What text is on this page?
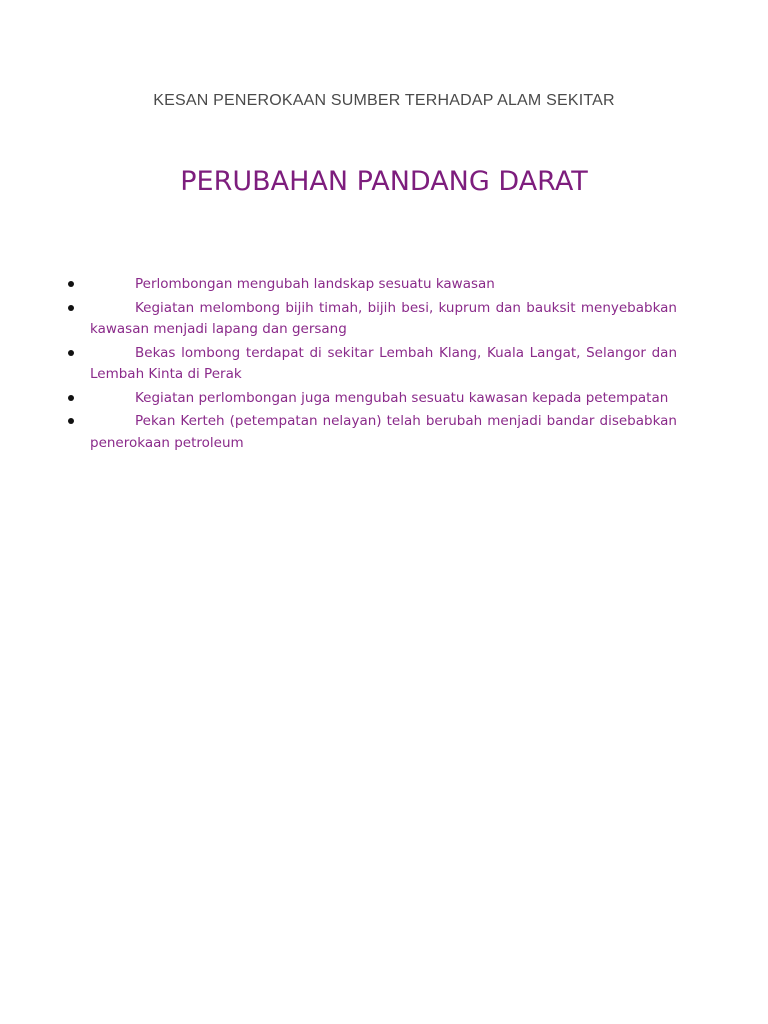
KESAN PENEROKAAN SUMBER TERHADAP ALAM SEKITAR
PERUBAHAN PANDANG DARAT
Perlombongan mengubah landskap sesuatu kawasan
Kegiatan melombong bijih timah, bijih besi, kuprum dan bauksit menyebabkan kawasan menjadi lapang dan gersang
Bekas lombong terdapat di sekitar Lembah Klang, Kuala Langat, Selangor dan Lembah Kinta di Perak
Kegiatan perlombongan juga mengubah sesuatu kawasan kepada petempatan
Pekan Kerteh (petempatan nelayan) telah berubah menjadi bandar disebabkan penerokaan petroleum
